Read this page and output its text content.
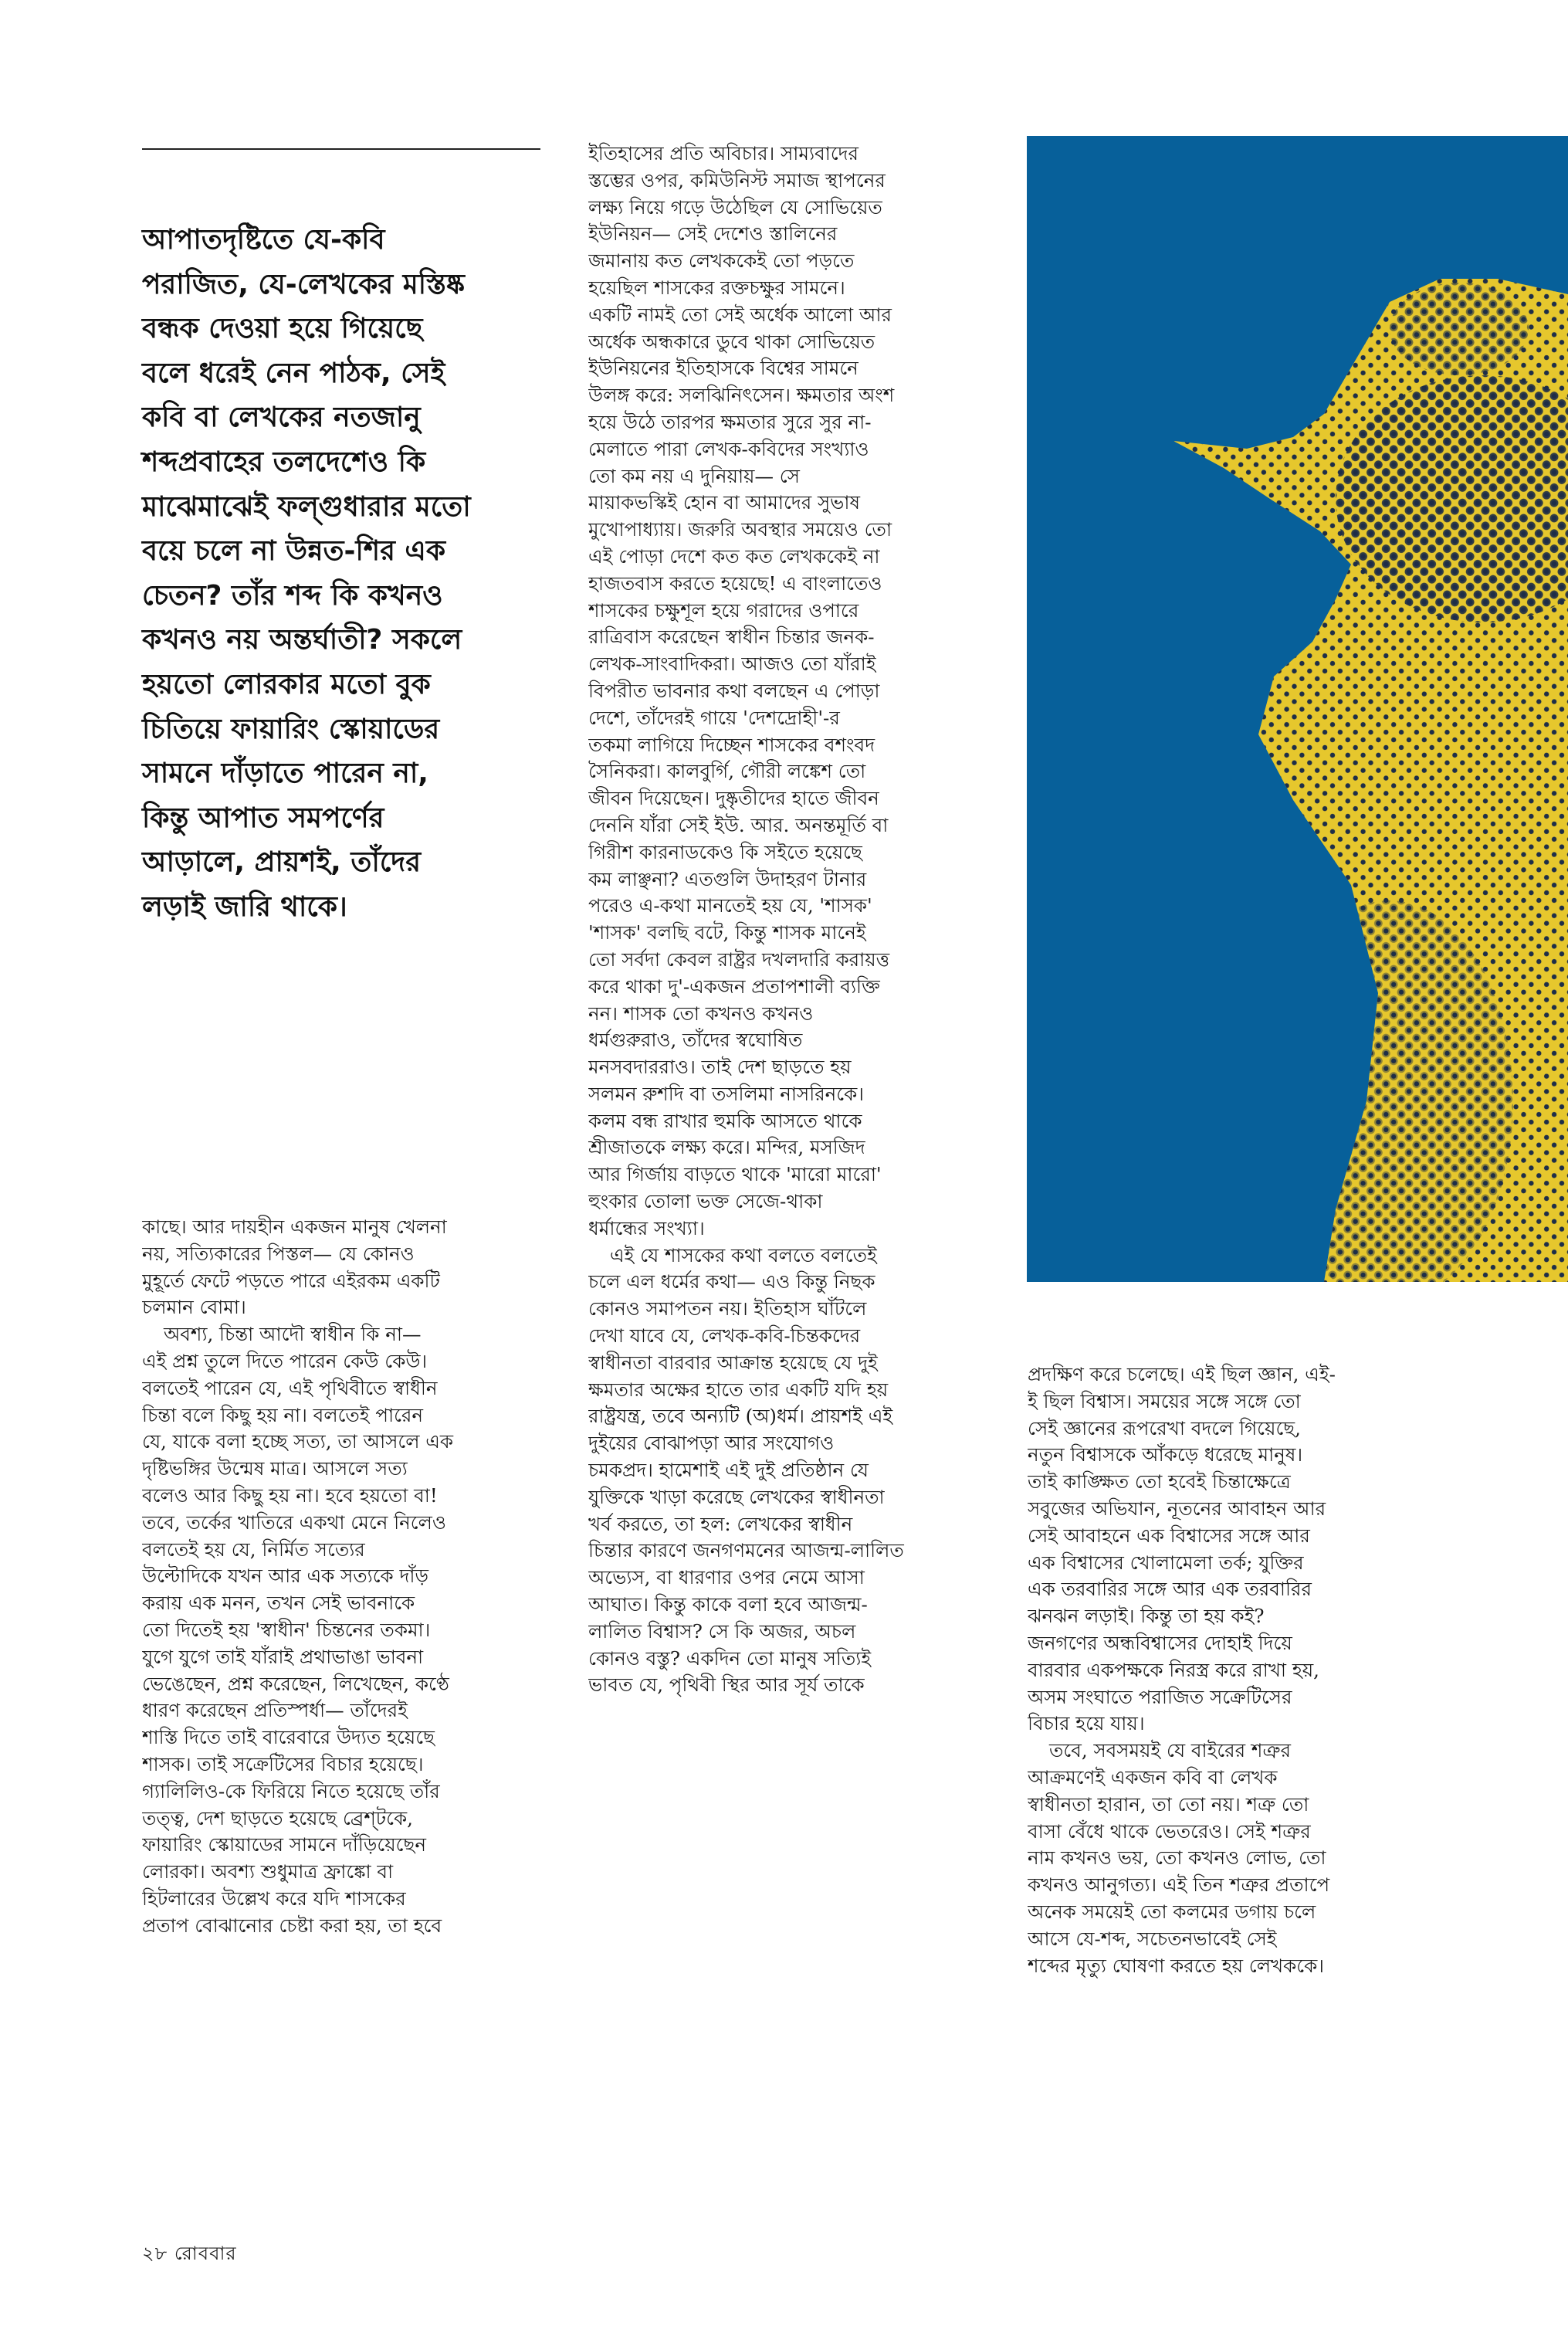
আপাতদৃষ্টিতে যে-কবি
পরাজিত, যে-লেখকের মস্তিষ্ক
বন্ধক দেওয়া হয়ে গিয়েছে
বলে ধরেই নেন পাঠক, সেই
কবি বা লেখকের নতজানু
শব্দপ্রবাহের তলদেশেও কি
মাঝেমাঝেই ফল্গুধারার মতো
বয়ে চলে না উন্নত-শির এক
চেতন? তাঁর শব্দ কি কখনও
কখনও নয় অন্তর্ঘাতী? সকলে
হয়তো লোরকার মতো বুক
চিতিয়ে ফায়ারিং স্কোয়াডের
সামনে দাঁড়াতে পারেন না,
কিন্তু আপাত সমপর্ণের
আড়ালে, প্রায়শই, তাঁদের
লড়াই জারি থাকে।
কাছে। আর দায়হীন একজন মানুষ খেলনা
নয়, সত্যিকারের পিস্তল— যে কোনও
মুহূর্তে ফেটে পড়তে পারে এইরকম একটি
চলমান বোমা।
অবশ্য, চিন্তা আদৌ স্বাধীন কি না—
এই প্রশ্ন তুলে দিতে পারেন কেউ কেউ।
বলতেই পারেন যে, এই পৃথিবীতে স্বাধীন
চিন্তা বলে কিছু হয় না। বলতেই পারেন
যে, যাকে বলা হচ্ছে সত্য, তা আসলে এক
দৃষ্টিভঙ্গির উন্মেষ মাত্র। আসলে সত্য
বলেও আর কিছু হয় না। হবে হয়তো বা!
তবে, তর্কের খাতিরে একথা মেনে নিলেও
বলতেই হয় যে, নির্মিত সত্যের
উল্টোদিকে যখন আর এক সত্যকে দাঁড়
করায় এক মনন, তখন সেই ভাবনাকে
তো দিতেই হয় 'স্বাধীন' চিন্তনের তকমা।
যুগে যুগে তাই যাঁরাই প্রথাভাঙা ভাবনা
ভেঙেছেন, প্রশ্ন করেছেন, লিখেছেন, কণ্ঠে
ধারণ করেছেন প্রতিস্পর্ধা— তাঁদেরই
শাস্তি দিতে তাই বারেবারে উদ্যত হয়েছে
শাসক। তাই সক্রেটিসের বিচার হয়েছে।
গ্যালিলিও-কে ফিরিয়ে নিতে হয়েছে তাঁর
তত্ত্ব, দেশ ছাড়তে হয়েছে ব্রেশ্‌টকে,
ফায়ারিং স্কোয়াডের সামনে দাঁড়িয়েছেন
লোরকা। অবশ্য শুধুমাত্র ফ্রাঙ্কো বা
হিটলারের উল্লেখ করে যদি শাসকের
প্রতাপ বোঝানোর চেষ্টা করা হয়, তা হবে
ইতিহাসের প্রতি অবিচার। সাম্যবাদের
স্তম্ভের ওপর, কমিউনিস্ট সমাজ স্থাপনের
লক্ষ্য নিয়ে গড়ে উঠেছিল যে সোভিয়েত
ইউনিয়ন— সেই দেশেও স্তালিনের
জমানায় কত লেখককেই তো পড়তে
হয়েছিল শাসকের রক্তচক্ষুর সামনে।
একটি নামই তো সেই অর্ধেক আলো আর
অর্ধেক অন্ধকারে ডুবে থাকা সোভিয়েত
ইউনিয়নের ইতিহাসকে বিশ্বের সামনে
উলঙ্গ করে: সলঝিনিৎসেন। ক্ষমতার অংশ
হয়ে উঠে তারপর ক্ষমতার সুরে সুর না-
মেলাতে পারা লেখক-কবিদের সংখ্যাও
তো কম নয় এ দুনিয়ায়— সে
মায়াকভস্কিই হোন বা আমাদের সুভাষ
মুখোপাধ্যায়। জরুরি অবস্থার সময়েও তো
এই পোড়া দেশে কত কত লেখককেই না
হাজতবাস করতে হয়েছে! এ বাংলাতেও
শাসকের চক্ষুশূল হয়ে গরাদের ওপারে
রাত্রিবাস করেছেন স্বাধীন চিন্তার জনক-
লেখক-সাংবাদিকরা। আজও তো যাঁরাই
বিপরীত ভাবনার কথা বলছেন এ পোড়া
দেশে, তাঁদেরই গায়ে 'দেশদ্রোহী'-র
তকমা লাগিয়ে দিচ্ছেন শাসকের বশংবদ
সৈনিকরা। কালবুর্গি, গৌরী লঙ্কেশ তো
জীবন দিয়েছেন। দুষ্কৃতীদের হাতে জীবন
দেননি যাঁরা সেই ইউ. আর. অনন্তমূর্তি বা
গিরীশ কারনাডকেও কি সইতে হয়েছে
কম লাঞ্ছনা? এতগুলি উদাহরণ টানার
পরেও এ-কথা মানতেই হয় যে, 'শাসক'
'শাসক' বলছি বটে, কিন্তু শাসক মানেই
তো সর্বদা কেবল রাষ্ট্রর দখলদারি করায়ত্ত
করে থাকা দু'-একজন প্রতাপশালী ব্যক্তি
নন। শাসক তো কখনও কখনও
ধর্মগুরুরাও, তাঁদের স্বঘোষিত
মনসবদাররাও। তাই দেশ ছাড়তে হয়
সলমন রুশদি বা তসলিমা নাসরিনকে।
কলম বন্ধ রাখার হুমকি আসতে থাকে
শ্রীজাতকে লক্ষ্য করে। মন্দির, মসজিদ
আর গির্জায় বাড়তে থাকে 'মারো মারো'
হুংকার তোলা ভক্ত সেজে-থাকা
ধর্মান্ধের সংখ্যা।
এই যে শাসকের কথা বলতে বলতেই
চলে এল ধর্মের কথা— এও কিন্তু নিছক
কোনও সমাপতন নয়। ইতিহাস ঘাঁটলে
দেখা যাবে যে, লেখক-কবি-চিন্তকদের
স্বাধীনতা বারবার আক্রান্ত হয়েছে যে দুই
ক্ষমতার অক্ষের হাতে তার একটি যদি হয়
রাষ্ট্রযন্ত্র, তবে অন্যটি (অ)ধর্ম। প্রায়শই এই
দুইয়ের বোঝাপড়া আর সংযোগও
চমকপ্রদ। হামেশাই এই দুই প্রতিষ্ঠান যে
যুক্তিকে খাড়া করেছে লেখকের স্বাধীনতা
খর্ব করতে, তা হল: লেখকের স্বাধীন
চিন্তার কারণে জনগণমনের আজন্ম-লালিত
অভ্যেস, বা ধারণার ওপর নেমে আসা
আঘাত। কিন্তু কাকে বলা হবে আজন্ম-
লালিত বিশ্বাস? সে কি অজর, অচল
কোনও বস্তু? একদিন তো মানুষ সত্যিই
ভাবত যে, পৃথিবী স্থির আর সূর্য তাকে
প্রদক্ষিণ করে চলেছে। এই ছিল জ্ঞান, এই-
ই ছিল বিশ্বাস। সময়ের সঙ্গে সঙ্গে তো
সেই জ্ঞানের রূপরেখা বদলে গিয়েছে,
নতুন বিশ্বাসকে আঁকড়ে ধরেছে মানুষ।
তাই কাঙ্ক্ষিত তো হবেই চিন্তাক্ষেত্রে
সবুজের অভিযান, নূতনের আবাহন আর
সেই আবাহনে এক বিশ্বাসের সঙ্গে আর
এক বিশ্বাসের খোলামেলা তর্ক; যুক্তির
এক তরবারির সঙ্গে আর এক তরবারির
ঝনঝন লড়াই। কিন্তু তা হয় কই?
জনগণের অন্ধবিশ্বাসের দোহাই দিয়ে
বারবার একপক্ষকে নিরস্ত্র করে রাখা হয়,
অসম সংঘাতে পরাজিত সক্রেটিসের
বিচার হয়ে যায়।
তবে, সবসময়ই যে বাইরের শত্রুর
আক্রমণেই একজন কবি বা লেখক
স্বাধীনতা হারান, তা তো নয়। শত্রু তো
বাসা বেঁধে থাকে ভেতরেও। সেই শত্রুর
নাম কখনও ভয়, তো কখনও লোভ, তো
কখনও আনুগত্য। এই তিন শত্রুর প্রতাপে
অনেক সময়েই তো কলমের ডগায় চলে
আসে যে-শব্দ, সচেতনভাবেই সেই
শব্দের মৃত্যু ঘোষণা করতে হয় লেখককে।
২৮ রোববার
